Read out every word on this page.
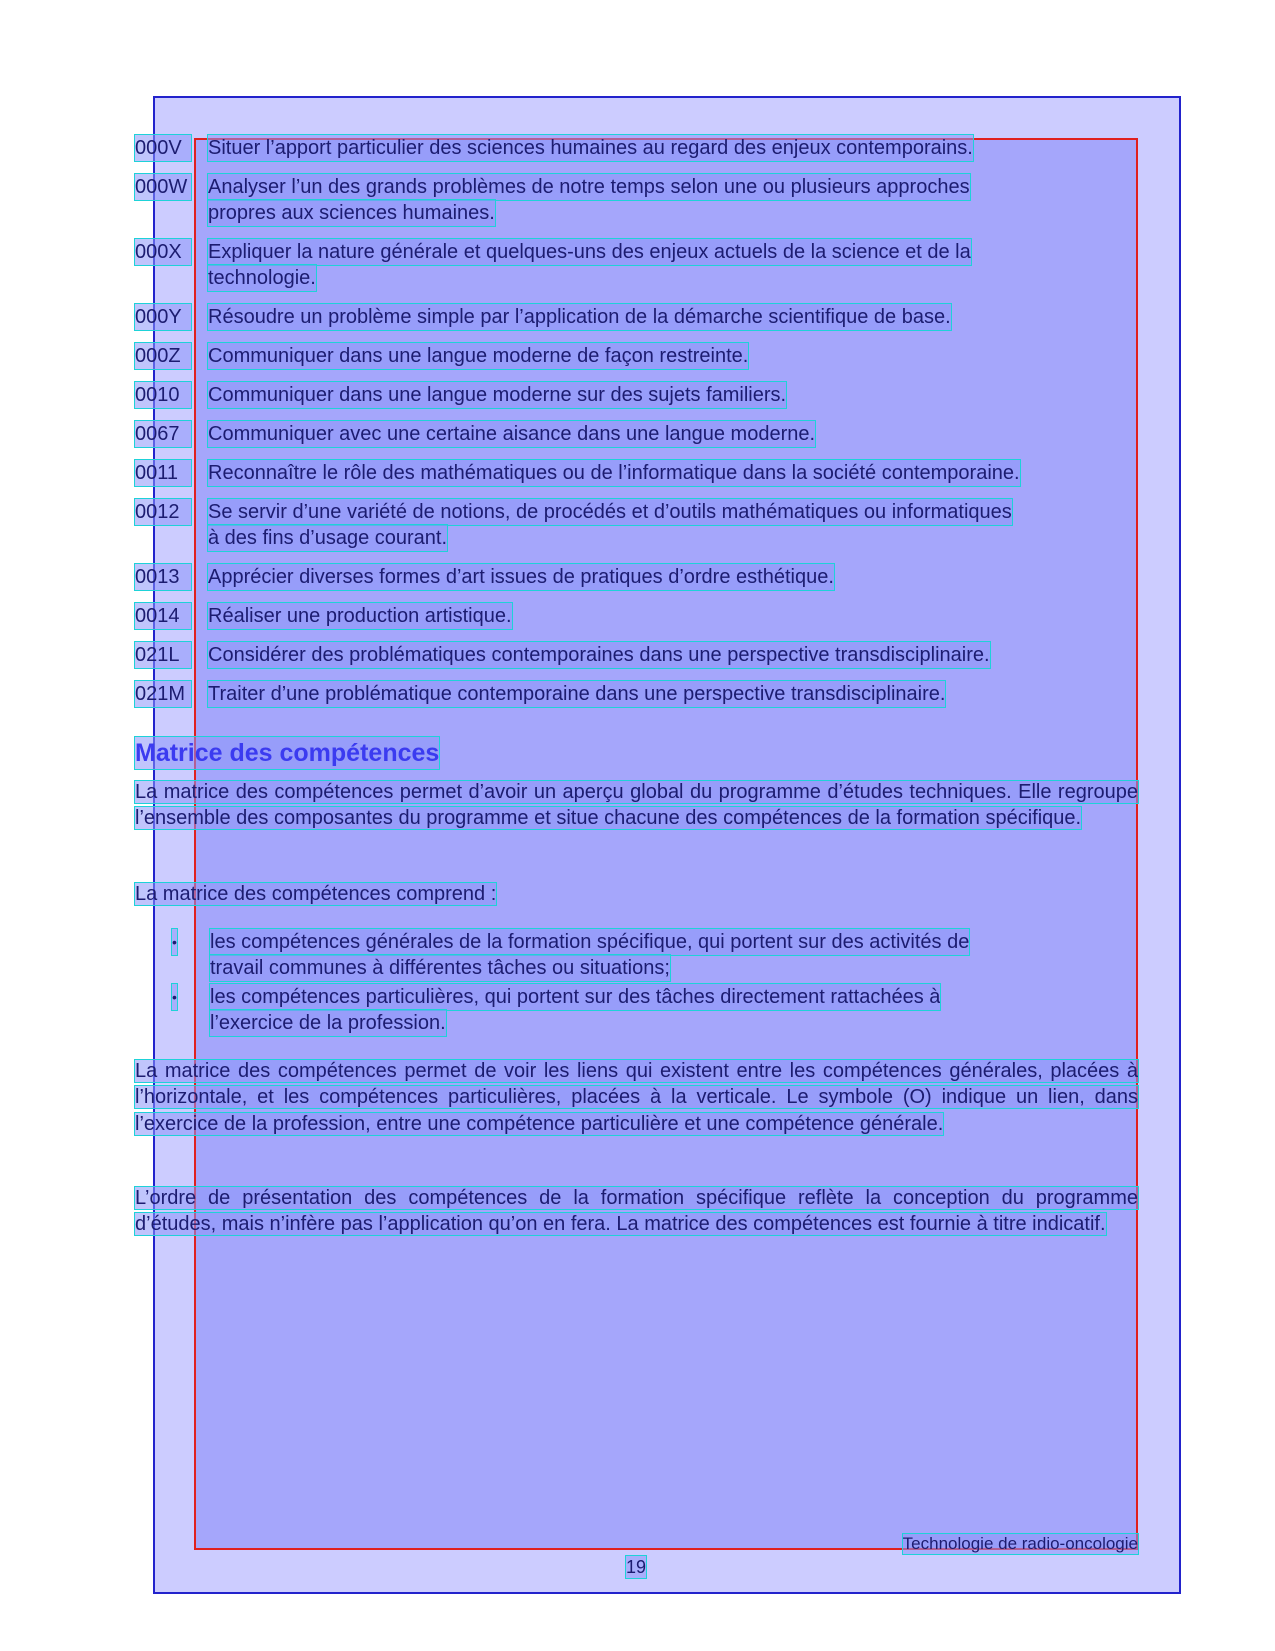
000V	Situer l’apport particulier des sciences humaines au regard des enjeux contemporains.
000W Analyser l’un des grands problèmes de notre temps selon une ou plusieurs approches
propres aux sciences humaines.
000X	Expliquer la nature générale et quelques-uns des enjeux actuels de la science et de la
technologie.
000Y	Résoudre un problème simple par l’application de la démarche scientifique de base.
000Z	Communiquer dans une langue moderne de façon restreinte.
0010	Communiquer dans une langue moderne sur des sujets familiers.
0067	Communiquer avec une certaine aisance dans une langue moderne.
0011	Reconnaître le rôle des mathématiques ou de l’informatique dans la société contemporaine.
0012	Se servir d’une variété de notions, de procédés et d’outils mathématiques ou informatiques
à des fins d’usage courant.
0013	Apprécier diverses formes d’art issues de pratiques d’ordre esthétique.
0014	Réaliser une production artistique.
021L	Considérer des problématiques contemporaines dans une perspective transdisciplinaire.
021M Traiter d’une problématique contemporaine dans une perspective transdisciplinaire.
Matrice des compétences
La matrice des compétences permet d’avoir un aperçu global du programme d’études techniques. Elle regroupe l’ensemble des composantes du programme et situe chacune des compétences de la formation spécifique.
La matrice des compétences comprend :
• les compétences générales de la formation spécifique, qui portent sur des activités de
travail communes à différentes tâches ou situations;
• les compétences particulières, qui portent sur des tâches directement rattachées à
l’exercice de la profession.
La matrice des compétences permet de voir les liens qui existent entre les compétences générales, placées à l’horizontale, et les compétences particulières, placées à la verticale. Le symbole (O) indique un lien, dans l’exercice de la profession, entre une compétence particulière et une compétence générale.
L’ordre de présentation des compétences de la formation spécifique reflète la conception du programme d’études, mais n’infère pas l’application qu’on en fera. La matrice des compétences est fournie à titre indicatif.
Technologie de radio-oncologie
19
